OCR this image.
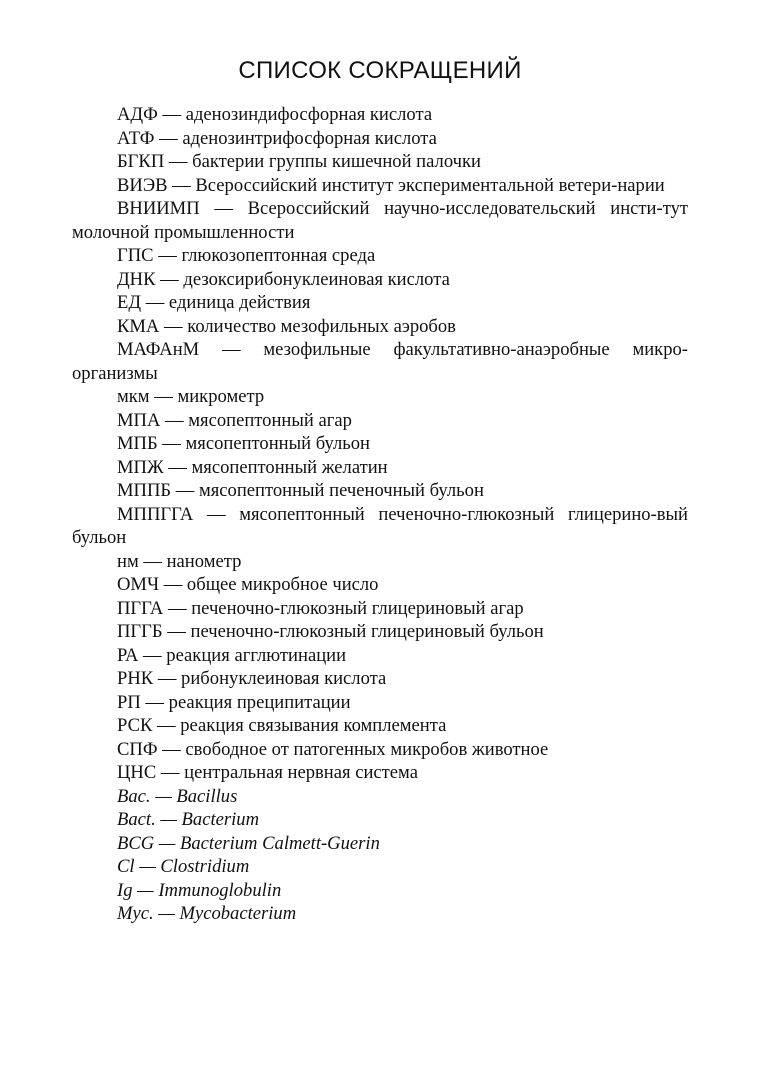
СПИСОК СОКРАЩЕНИЙ

АДФ — аденозиндифосфорная кислота

АТФ — аденозинтрифосфорная кислота

БГКП — бактерии группы кишечной палочки

ВИЭВ — Всероссийский институт экспериментальной ветери-нарии

ВНИИМП — Всероссийский научно-исследовательский инсти-тут молочной промышленности

ГПС — глюкозопептонная среда

ДНК — дезоксирибонуклеиновая кислота

ЕД — единица действия

КМА — количество мезофильных аэробов

МАФАнМ — мезофильные факультативно-анаэробные микро-организмы

мкм — микрометр

МПА — мясопептонный агар

МПБ — мясопептонный бульон

МПЖ — мясопептонный желатин

МППБ — мясопептонный печеночный бульон

МППГГА — мясопептонный печеночно-глюкозный глицерино-вый бульон

нм — нанометр

ОМЧ — общее микробное число

ПГГА — печеночно-глюкозный глицериновый агар

ПГГБ — печеночно-глюкозный глицериновый бульон

РА — реакция агглютинации

РНК — рибонуклеиновая кислота

РП — реакция преципитации

РСК — реакция связывания комплемента

СПФ — свободное от патогенных микробов животное

ЦНС — центральная нервная система

Bac. — Bacillus

Bact. — Bacterium

BCG — Bacterium Calmett-Guerin

Cl — Clostridium

Ig — Immunoglobulin

Myc. — Mycobacterium
